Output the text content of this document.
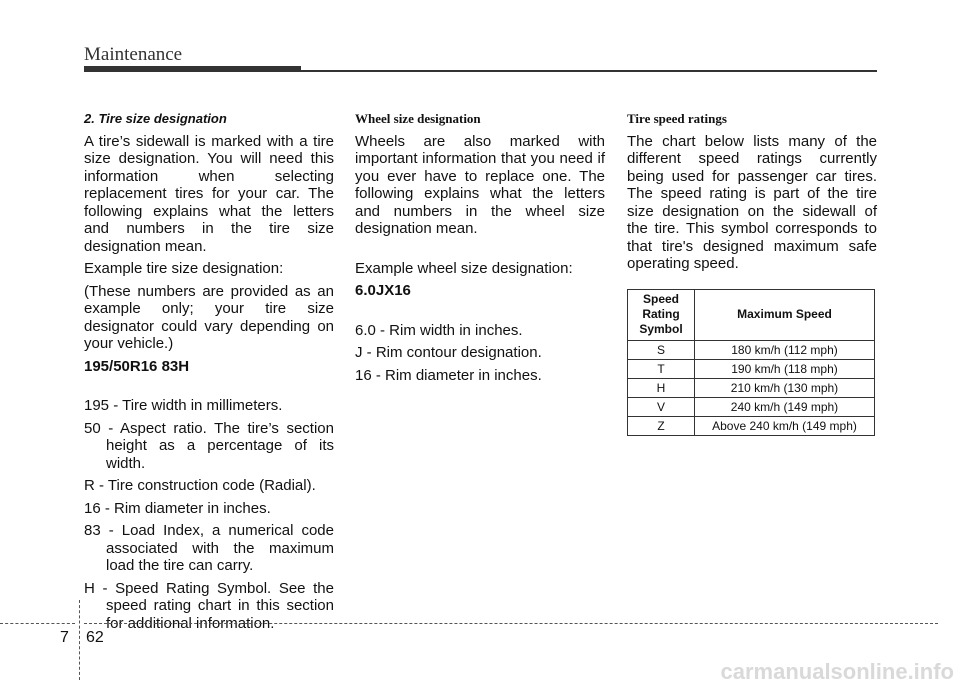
Maintenance
2. Tire size designation

A tire’s sidewall is marked with a tire size designation. You will need this information when selecting replacement tires for your car. The following explains what the letters and numbers in the tire size designation mean.

Example tire size designation:

(These numbers are provided as an example only; your tire size designator could vary depending on your vehicle.)

195/50R16 83H

195 - Tire width in millimeters.

50 - Aspect ratio. The tire’s section height as a percentage of its width.

R - Tire construction code (Radial).

16 - Rim diameter in inches.

83 - Load Index, a numerical code associated with the maximum load the tire can carry.

H - Speed Rating Symbol. See the speed rating chart in this section for additional information.

Wheel size designation

Wheels are also marked with important information that you need if you ever have to replace one. The following explains what the letters and numbers in the wheel size designation mean.

Example wheel size designation:

6.0JX16

6.0 - Rim width in inches.

J - Rim contour designation.

16 - Rim diameter in inches.

Tire speed ratings

The chart below lists many of the different speed ratings currently being used for passenger car tires. The speed rating is part of the tire size designation on the sidewall of the tire. This symbol corresponds to that tire's designed maximum safe operating speed.

Speed Rating Symbol	Maximum Speed
S	180 km/h (112 mph)
T	190 km/h (118 mph)
H	210 km/h (130 mph)
V	240 km/h (149 mph)
Z	Above 240 km/h (149 mph)
7 62
carmanualsonline.info
